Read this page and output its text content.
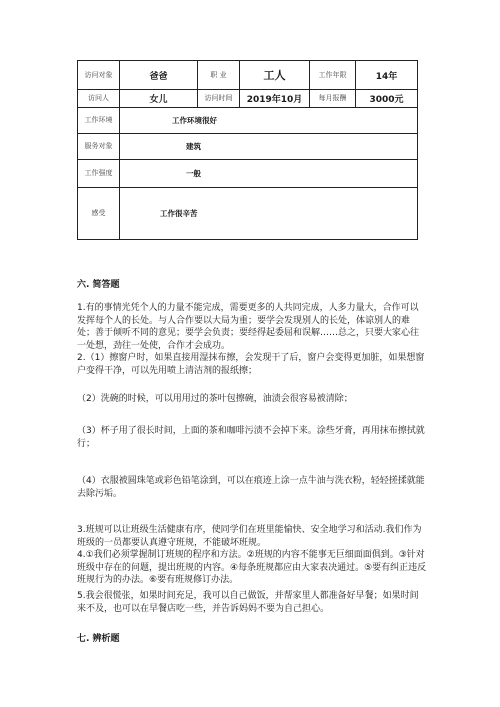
访问对象	爸爸	职 业	工人	工作年限	14年
访问人	女儿	访问时间	2019年10月	每月报酬	3000元
工作环境	工作环境很好				
服务对象	建筑				
工作强度	一般				
感受	工作很辛苦				
六. 简答题

1.有的事情光凭个人的力量不能完成，需要更多的人共同完成，人多力量大，合作可以发挥每个人的长处。与人合作要以大局为重；要学会发现别人的长处，体谅别人的难处；善于倾听不同的意见；要学会负责；要经得起委屈和误解……总之，只要大家心往一处想，劲往一处使，合作才会成功。

2.（1）擦窗户时，如果直接用湿抹布擦，会发现干了后，窗户会变得更加脏，如果想窗户变得干净，可以先用喷上清洁剂的报纸擦；

（2）洗碗的时候，可以用用过的茶叶包擦碗，油渍会很容易被清除；

（3）杯子用了很长时间，上面的茶和咖啡污渍不会掉下来。涂些牙膏，再用抹布擦拭就行；

（4）衣服被圆珠笔或彩色铅笔涂到，可以在痕迹上涂一点牛油与洗衣粉，轻轻搓揉就能去除污垢。

3.班规可以让班级生活健康有序，使同学们在班里能愉快、安全地学习和活动.我们作为班级的一员都要认真遵守班规，不能破坏班规。

4.①我们必须掌握制订班规的程序和方法。②班规的内容不能事无巨细面面俱到。③针对班级中存在的问题，提出班规的内容。④每条班规都应由大家表决通过。⑤要有纠正违反班规行为的办法。⑥要有班规修订办法。

5.我会很慌张，如果时间充足，我可以自己做饭，并帮家里人都准备好早餐；如果时间来不及，也可以在早餐店吃一些，并告诉妈妈不要为自己担心。

七. 辨析题
